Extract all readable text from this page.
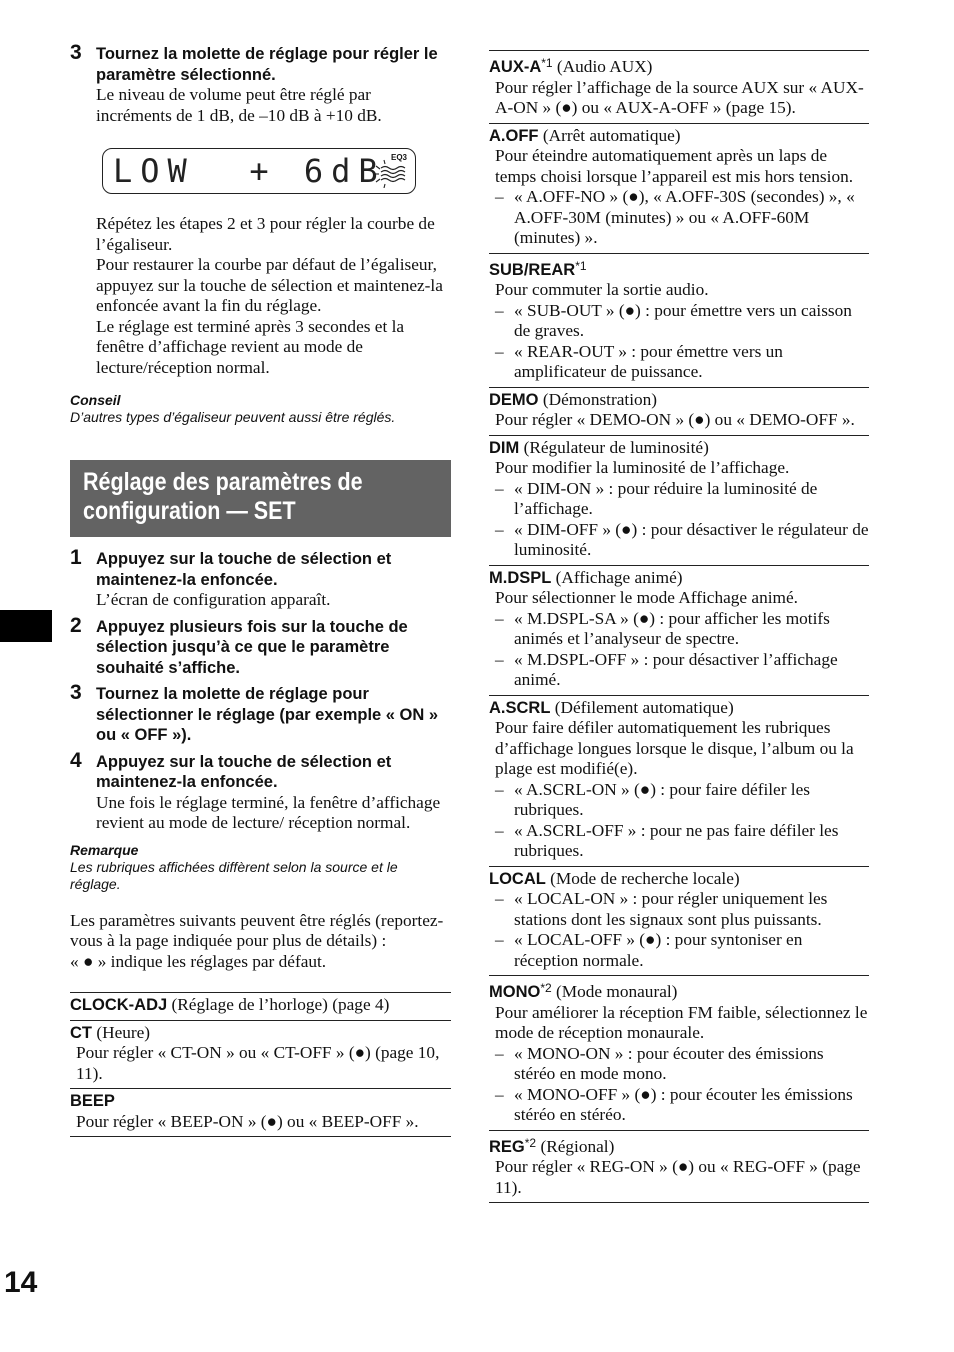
3 Tournez la molette de réglage pour régler le paramètre sélectionné.
Le niveau de volume peut être réglé par incréments de 1 dB, de –10 dB à +10 dB.
LOW  + 6dB EQ3
Répétez les étapes 2 et 3 pour régler la courbe de l’égaliseur.
Pour restaurer la courbe par défaut de l’égaliseur, appuyez sur la touche de sélection et maintenez-la enfoncée avant la fin du réglage.
Le réglage est terminé après 3 secondes et la fenêtre d’affichage revient au mode de lecture/réception normal.
Conseil
D’autres types d’égaliseur peuvent aussi être réglés.
Réglage des paramètres de configuration — SET
1 Appuyez sur la touche de sélection et maintenez-la enfoncée.
L’écran de configuration apparaît.
2 Appuyez plusieurs fois sur la touche de sélection jusqu’à ce que le paramètre souhaité s’affiche.
3 Tournez la molette de réglage pour sélectionner le réglage (par exemple « ON » ou « OFF »).
4 Appuyez sur la touche de sélection et maintenez-la enfoncée.
Une fois le réglage terminé, la fenêtre d’affichage revient au mode de lecture/ réception normal.
Remarque
Les rubriques affichées diffèrent selon la source et le réglage.
Les paramètres suivants peuvent être réglés (reportez-vous à la page indiquée pour plus de détails) :
« ● » indique les réglages par défaut.
CLOCK-ADJ (Réglage de l’horloge) (page 4)
CT (Heure)
Pour régler « CT-ON » ou « CT-OFF » (●) (page 10, 11).
BEEP
Pour régler « BEEP-ON » (●) ou « BEEP-OFF ».
AUX-$A^{*1}$ (Audio AUX)
Pour régler l’affichage de la source AUX sur « AUX-A-ON » (●) ou « AUX-A-OFF » (page 15).
A.OFF (Arrêt automatique)
Pour éteindre automatiquement après un laps de temps choisi lorsque l’appareil est mis hors tension.
– « A.OFF-NO » (●), « A.OFF-30S (secondes) », « A.OFF-30M (minutes) » ou « A.OFF-60M (minutes) ».
SUB/REAR$^{*1}$
Pour commuter la sortie audio.
– « SUB-OUT » (●) : pour émettre vers un caisson de graves.
– « REAR-OUT » : pour émettre vers un amplificateur de puissance.
DEMO (Démonstration)
Pour régler « DEMO-ON » (●) ou « DEMO-OFF ».
DIM (Régulateur de luminosité)
Pour modifier la luminosité de l’affichage.
– « DIM-ON » : pour réduire la luminosité de l’affichage.
– « DIM-OFF » (●) : pour désactiver le régulateur de luminosité.
M.DSPL (Affichage animé)
Pour sélectionner le mode Affichage animé.
– « M.DSPL-SA » (●) : pour afficher les motifs animés et l’analyseur de spectre.
– « M.DSPL-OFF » : pour désactiver l’affichage animé.
A.SCRL (Défilement automatique)
Pour faire défiler automatiquement les rubriques d’affichage longues lorsque le disque, l’album ou la plage est modifié(e).
– « A.SCRL-ON » (●) : pour faire défiler les rubriques.
– « A.SCRL-OFF » : pour ne pas faire défiler les rubriques.
LOCAL (Mode de recherche locale)
– « LOCAL-ON » : pour régler uniquement les stations dont les signaux sont plus puissants.
– « LOCAL-OFF » (●) : pour syntoniser en réception normale.
MONO$^{*2}$ (Mode monaural)
Pour améliorer la réception FM faible, sélectionnez le mode de réception monaurale.
– « MONO-ON » : pour écouter des émissions stéréo en mode mono.
– « MONO-OFF » (●) : pour écouter les émissions stéréo en stéréo.
REG$^{*2}$ (Régional)
Pour régler « REG-ON » (●) ou « REG-OFF » (page 11).
14
